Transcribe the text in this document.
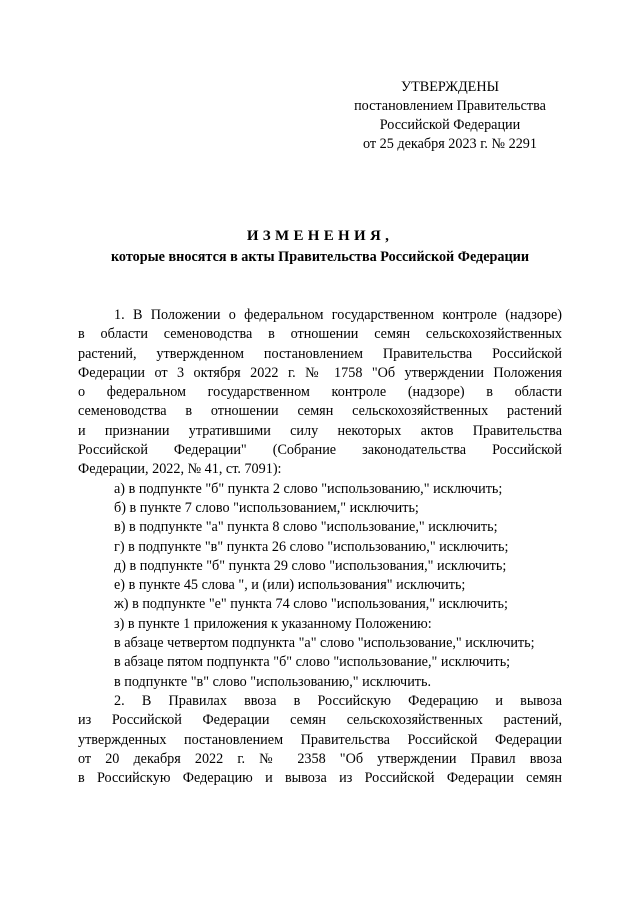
УТВЕРЖДЕНЫ
постановлением Правительства
Российской Федерации
от 25 декабря 2023 г. № 2291
ИЗМЕНЕНИЯ,
которые вносятся в акты Правительства Российской Федерации
1. В Положении о федеральном государственном контроле (надзоре)
в области семеноводства в отношении семян сельскохозяйственных
растений, утвержденном постановлением Правительства Российской
Федерации от 3 октября 2022 г. № 1758 "Об утверждении Положения
о федеральном государственном контроле (надзоре) в области
семеноводства в отношении семян сельскохозяйственных растений
и признании утратившими силу некоторых актов Правительства
Российской Федерации" (Собрание законодательства Российской
Федерации, 2022, № 41, ст. 7091):
а) в подпункте "б" пункта 2 слово "использованию," исключить;
б) в пункте 7 слово "использованием," исключить;
в) в подпункте "а" пункта 8 слово "использование," исключить;
г) в подпункте "в" пункта 26 слово "использованию," исключить;
д) в подпункте "б" пункта 29 слово "использования," исключить;
е) в пункте 45 слова ", и (или) использования" исключить;
ж) в подпункте "е" пункта 74 слово "использования," исключить;
з) в пункте 1 приложения к указанному Положению:
в абзаце четвертом подпункта "а" слово "использование," исключить;
в абзаце пятом подпункта "б" слово "использование," исключить;
в подпункте "в" слово "использованию," исключить.
2. В Правилах ввоза в Российскую Федерацию и вывоза
из Российской Федерации семян сельскохозяйственных растений,
утвержденных постановлением Правительства Российской Федерации
от 20 декабря 2022 г. № 2358 "Об утверждении Правил ввоза
в Российскую Федерацию и вывоза из Российской Федерации семян
